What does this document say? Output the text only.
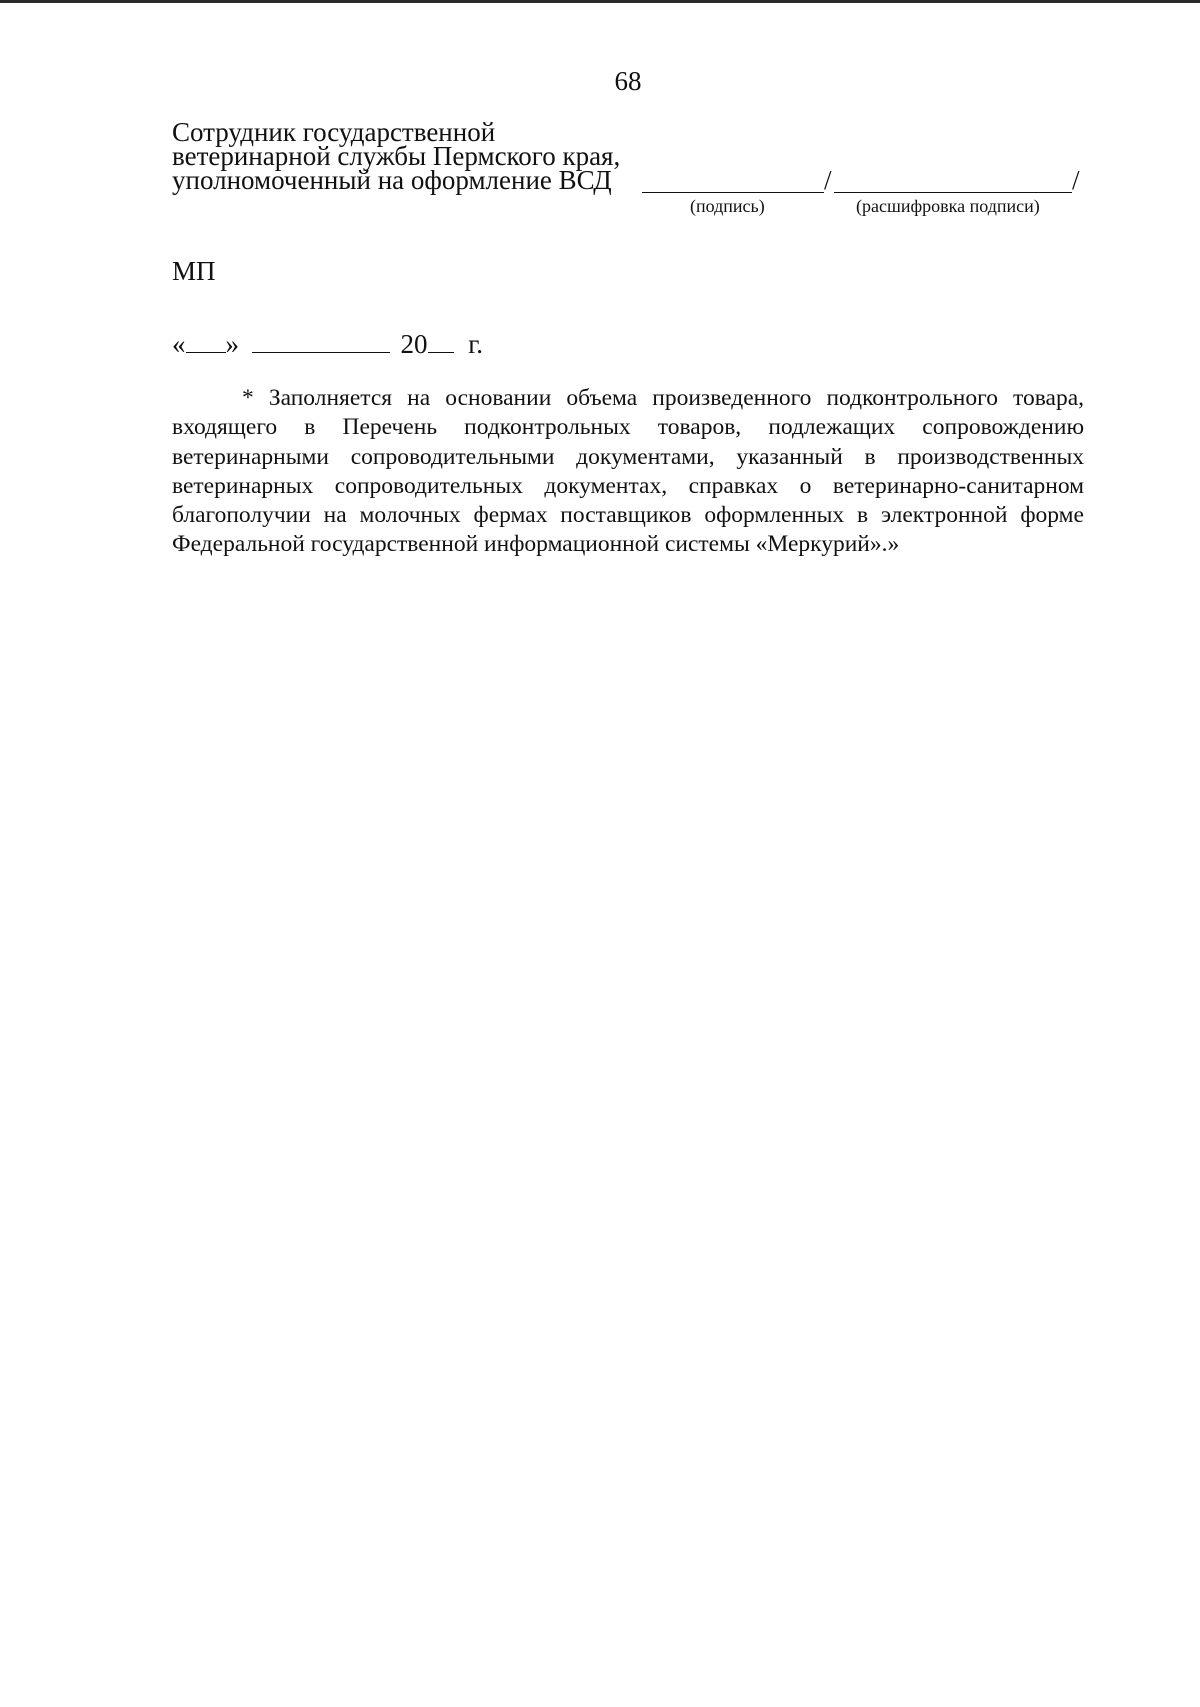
68
Сотрудник государственной
ветеринарной службы Пермского края,
уполномоченный на оформление ВСД	/	/
(подпись)	(расшифровка подписи)
МП
« »	20 г.
* Заполняется на основании объема произведенного подконтрольного товара, входящего в Перечень подконтрольных товаров, подлежащих сопровождению ветеринарными сопроводительными документами, указанный в производственных ветеринарных сопроводительных документах, справках о ветеринарно-санитарном благополучии на молочных фермах поставщиков оформленных в электронной форме Федеральной государственной информационной системы «Меркурий».»
